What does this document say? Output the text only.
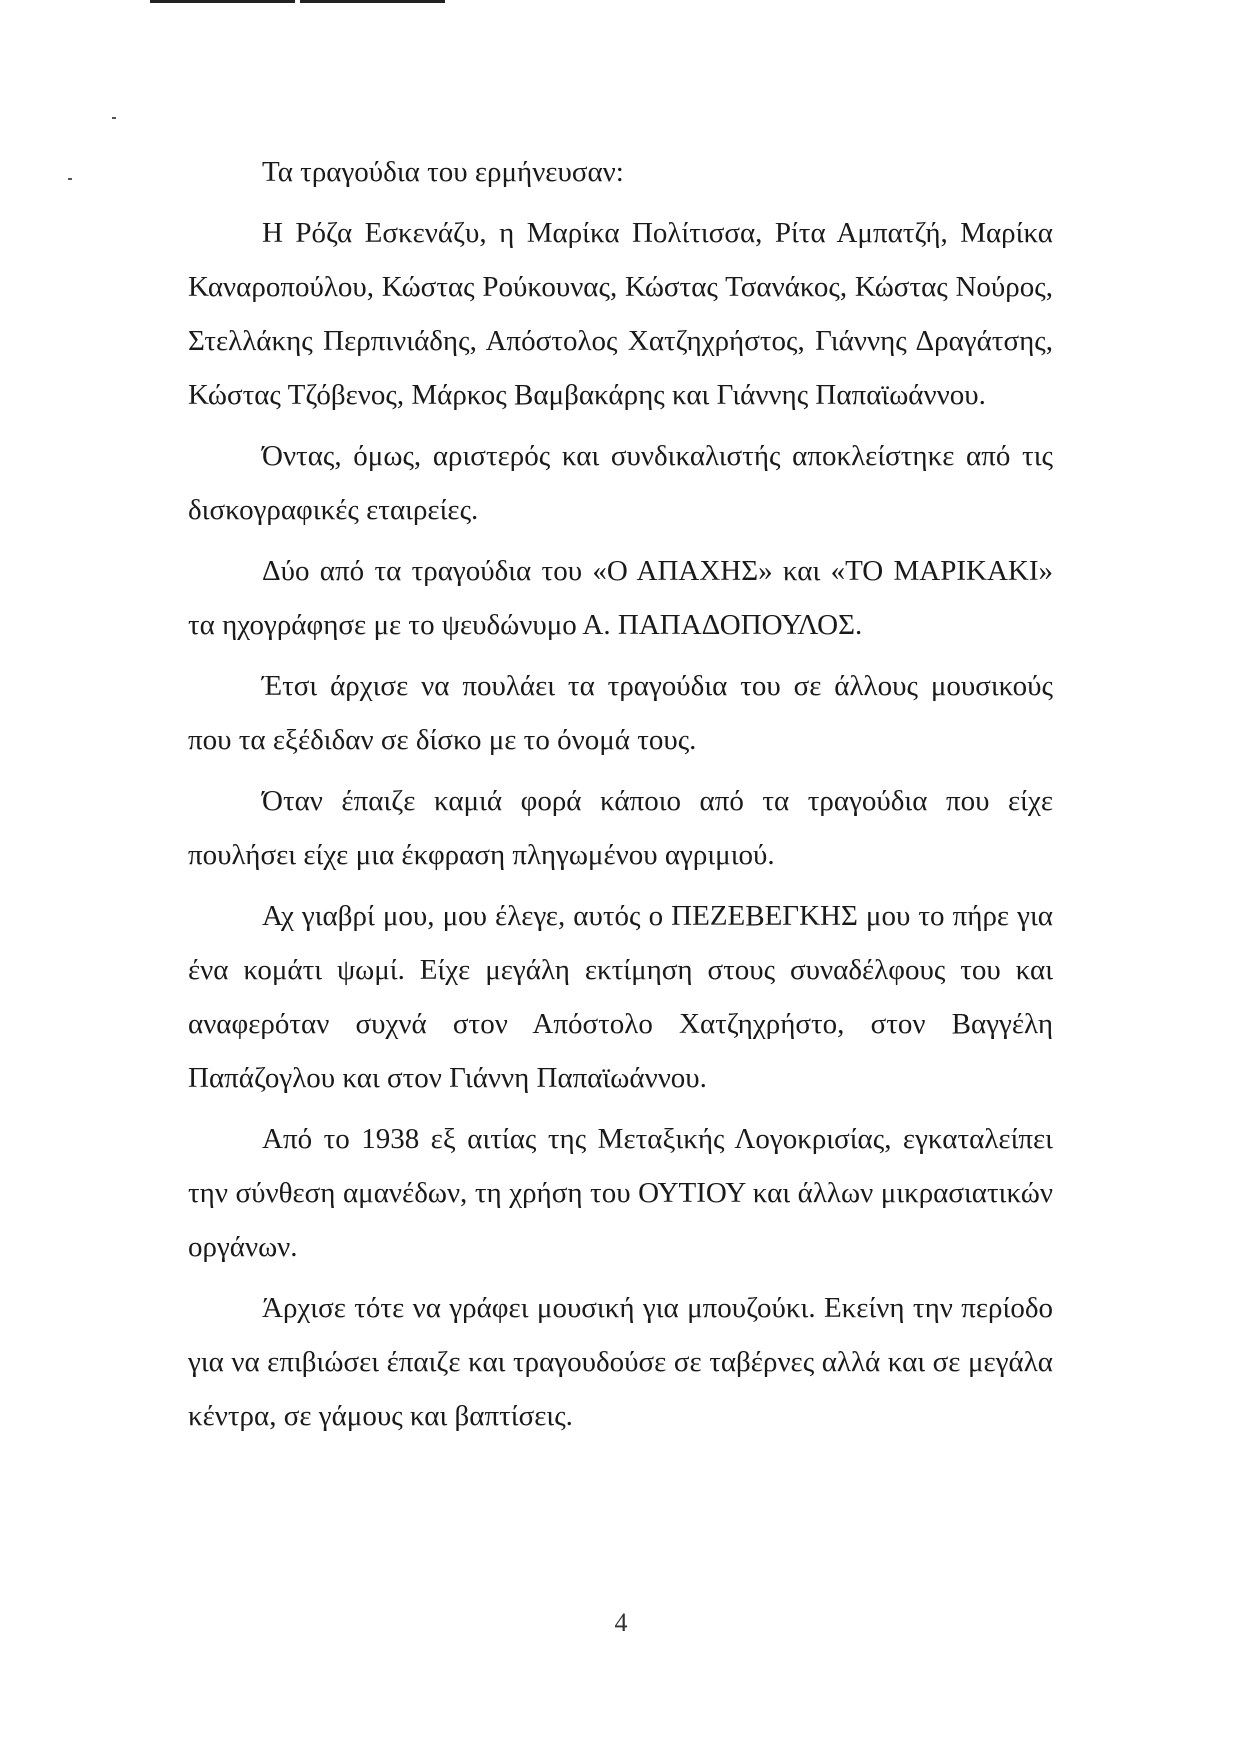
Τα τραγούδια του ερμήνευσαν:

Η Ρόζα Εσκενάζυ, η Μαρίκα Πολίτισσα, Ρίτα Αμπατζή, Μαρίκα Καναροπούλου, Κώστας Ρούκουνας, Κώστας Τσανάκος, Κώστας Νούρος, Στελλάκης Περπινιάδης, Απόστολος Χατζηχρήστος, Γιάννης Δραγάτσης, Κώστας Τζόβενος, Μάρκος Βαμβακάρης και Γιάννης Παπαϊωάννου.

Όντας, όμως, αριστερός και συνδικαλιστής αποκλείστηκε από τις δισκογραφικές εταιρείες.

Δύο από τα τραγούδια του «Ο ΑΠΑΧΗΣ» και «ΤΟ ΜΑΡΙΚΑΚΙ» τα ηχογράφησε με το ψευδώνυμο Α. ΠΑΠΑΔΟΠΟΥΛΟΣ.

Έτσι άρχισε να πουλάει τα τραγούδια του σε άλλους μουσικούς που τα εξέδιδαν σε δίσκο με το όνομά τους.

Όταν έπαιζε καμιά φορά κάποιο από τα τραγούδια που είχε πουλήσει είχε μια έκφραση πληγωμένου αγριμιού.

Αχ γιαβρί μου, μου έλεγε, αυτός ο ΠΕΖΕΒΕΓΚΗΣ μου το πήρε για ένα κομάτι ψωμί. Είχε μεγάλη εκτίμηση στους συναδέλφους του και αναφερόταν συχνά στον Απόστολο Χατζηχρήστο, στον Βαγγέλη Παπάζογλου και στον Γιάννη Παπαϊωάννου.

Από το 1938 εξ αιτίας της Μεταξικής Λογοκρισίας, εγκαταλείπει την σύνθεση αμανέδων, τη χρήση του ΟΥΤΙΟΥ και άλλων μικρασιατικών οργάνων.

Άρχισε τότε να γράφει μουσική για μπουζούκι. Εκείνη την περίοδο για να επιβιώσει έπαιζε και τραγουδούσε σε ταβέρνες αλλά και σε μεγάλα κέντρα, σε γάμους και βαπτίσεις.

4
